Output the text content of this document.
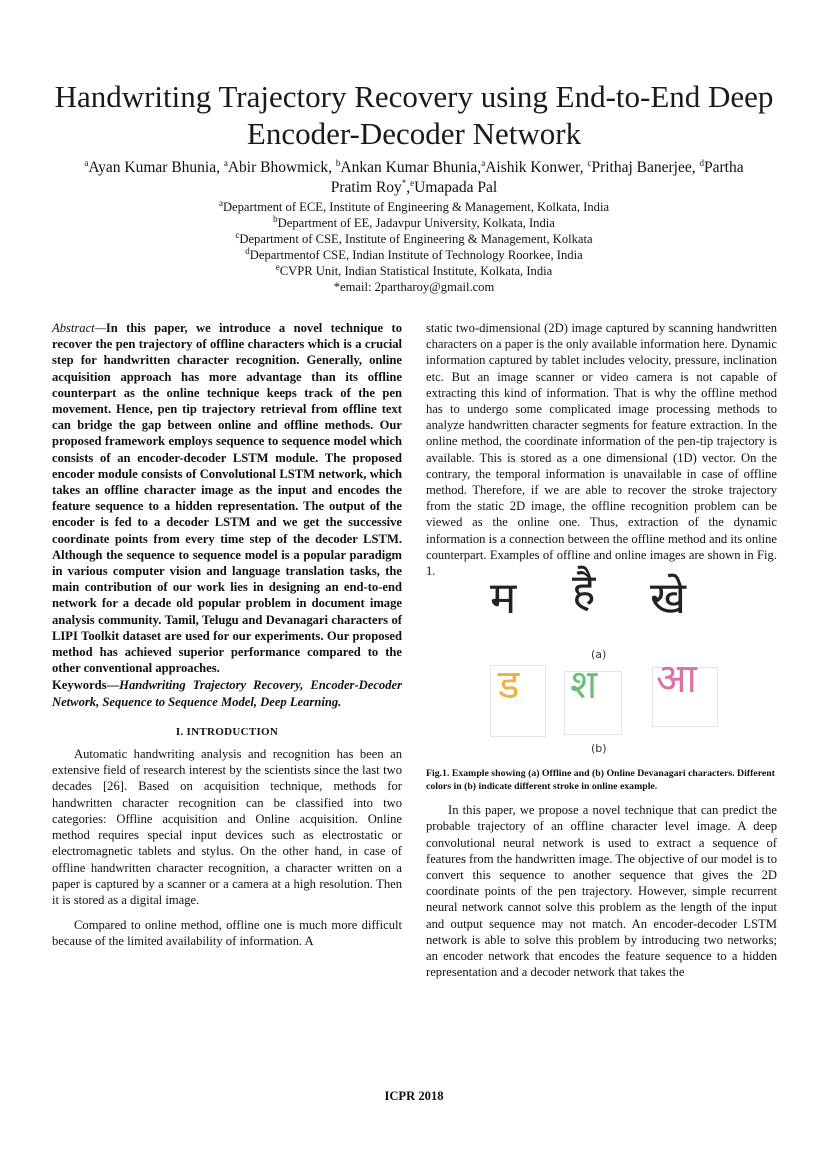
Handwriting Trajectory Recovery using End-to-End Deep Encoder-Decoder Network
$^a$Ayan Kumar Bhunia, $^a$Abir Bhowmick, $^b$Ankan Kumar Bhunia,$^a$Aishik Konwer, $^c$Prithaj Banerjee, $^d$Partha
Pratim Roy*,$^e$Umapada Pal
$^a$Department of ECE, Institute of Engineering & Management, Kolkata, India
$^b$Department of EE, Jadavpur University, Kolkata, India
$^c$Department of CSE, Institute of Engineering & Management, Kolkata
$^d$Departmentof CSE, Indian Institute of Technology Roorkee, India
$^e$CVPR Unit, Indian Statistical Institute, Kolkata, India
*email: 2partharoy@gmail.com

Abstract—In this paper, we introduce a novel technique to recover the pen trajectory of offline characters which is a crucial step for handwritten character recognition. Generally, online acquisition approach has more advantage than its offline counterpart as the online technique keeps track of the pen movement. Hence, pen tip trajectory retrieval from offline text can bridge the gap between online and offline methods. Our proposed framework employs sequence to sequence model which consists of an encoder-decoder LSTM module. The proposed encoder module consists of Convolutional LSTM network, which takes an offline character image as the input and encodes the feature sequence to a hidden representation. The output of the encoder is fed to a decoder LSTM and we get the successive coordinate points from every time step of the decoder LSTM. Although the sequence to sequence model is a popular paradigm in various computer vision and language translation tasks, the main contribution of our work lies in designing an end-to-end network for a decade old popular problem in document image analysis community. Tamil, Telugu and Devanagari characters of LIPI Toolkit dataset are used for our experiments. Our proposed method has achieved superior performance compared to the other conventional approaches.

Keywords—Handwriting Trajectory Recovery, Encoder-Decoder Network, Sequence to Sequence Model, Deep Learning.

I. INTRODUCTION

Automatic handwriting analysis and recognition has been an extensive field of research interest by the scientists since the last two decades [26]. Based on acquisition technique, methods for handwritten character recognition can be classified into two categories: Offline acquisition and Online acquisition. Online method requires special input devices such as electrostatic or electromagnetic tablets and stylus. On the other hand, in case of offline handwritten character recognition, a character written on a paper is captured by a scanner or a camera at a high resolution. Then it is stored as a digital image.

Compared to online method, offline one is much more difficult because of the limited availability of information. A

static two-dimensional (2D) image captured by scanning handwritten characters on a paper is the only available information here. Dynamic information captured by tablet includes velocity, pressure, inclination etc. But an image scanner or video camera is not capable of extracting this kind of information. That is why the offline method has to undergo some complicated image processing methods to analyze handwritten character segments for feature extraction. In the online method, the coordinate information of the pen-tip trajectory is available. This is stored as a one dimensional (1D) vector. On the contrary, the temporal information is unavailable in case of offline method. Therefore, if we are able to recover the stroke trajectory from the static 2D image, the offline recognition problem can be viewed as the online one. Thus, extraction of the dynamic information is a connection between the offline method and its online counterpart. Examples of offline and online images are shown in Fig. 1.

म है खे
(a)
ड श आ
(b)

Fig.1. Example showing (a) Offline and (b) Online Devanagari characters. Different colors in (b) indicate different stroke in online example.

In this paper, we propose a novel technique that can predict the probable trajectory of an offline character level image. A deep convolutional neural network is used to extract a sequence of features from the handwritten image. The objective of our model is to convert this sequence to another sequence that gives the 2D coordinate points of the pen trajectory. However, simple recurrent neural network cannot solve this problem as the length of the input and output sequence may not match. An encoder-decoder LSTM network is able to solve this problem by introducing two networks; an encoder network that encodes the feature sequence to a hidden representation and a decoder network that takes the

ICPR 2018
